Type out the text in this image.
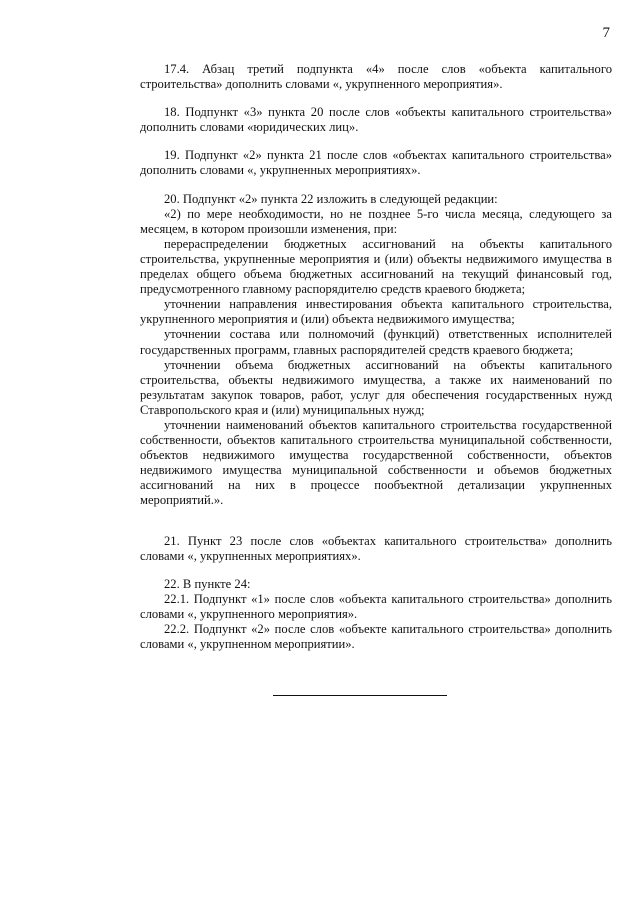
7

17.4. Абзац третий подпункта «4» после слов «объекта капитального строительства» дополнить словами «, укрупненного мероприятия».

18. Подпункт «3» пункта 20 после слов «объекты капитального строительства» дополнить словами «юридических лиц».

19. Подпункт «2» пункта 21 после слов «объектах капитального строительства» дополнить словами «, укрупненных мероприятиях».

20. Подпункт «2» пункта 22 изложить в следующей редакции:

«2) по мере необходимости, но не позднее 5-го числа месяца, следующего за месяцем, в котором произошли изменения, при:

перераспределении бюджетных ассигнований на объекты капитального строительства, укрупненные мероприятия и (или) объекты недвижимого имущества в пределах общего объема бюджетных ассигнований на текущий финансовый год, предусмотренного главному распорядителю средств краевого бюджета;

уточнении направления инвестирования объекта капитального строительства, укрупненного мероприятия и (или) объекта недвижимого имущества;

уточнении состава или полномочий (функций) ответственных исполнителей государственных программ, главных распорядителей средств краевого бюджета;

уточнении объема бюджетных ассигнований на объекты капитального строительства, объекты недвижимого имущества, а также их наименований по результатам закупок товаров, работ, услуг для обеспечения государственных нужд Ставропольского края и (или) муниципальных нужд;

уточнении наименований объектов капитального строительства государственной собственности, объектов капитального строительства муниципальной собственности, объектов недвижимого имущества государственной собственности, объектов недвижимого имущества муниципальной собственности и объемов бюджетных ассигнований на них в процессе пообъектной детализации укрупненных мероприятий.».

21. Пункт 23 после слов «объектах капитального строительства» дополнить словами «, укрупненных мероприятиях».

22. В пункте 24:

22.1. Подпункт «1» после слов «объекта капитального строительства» дополнить словами «, укрупненного мероприятия».

22.2. Подпункт «2» после слов «объекте капитального строительства» дополнить словами «, укрупненном мероприятии».
